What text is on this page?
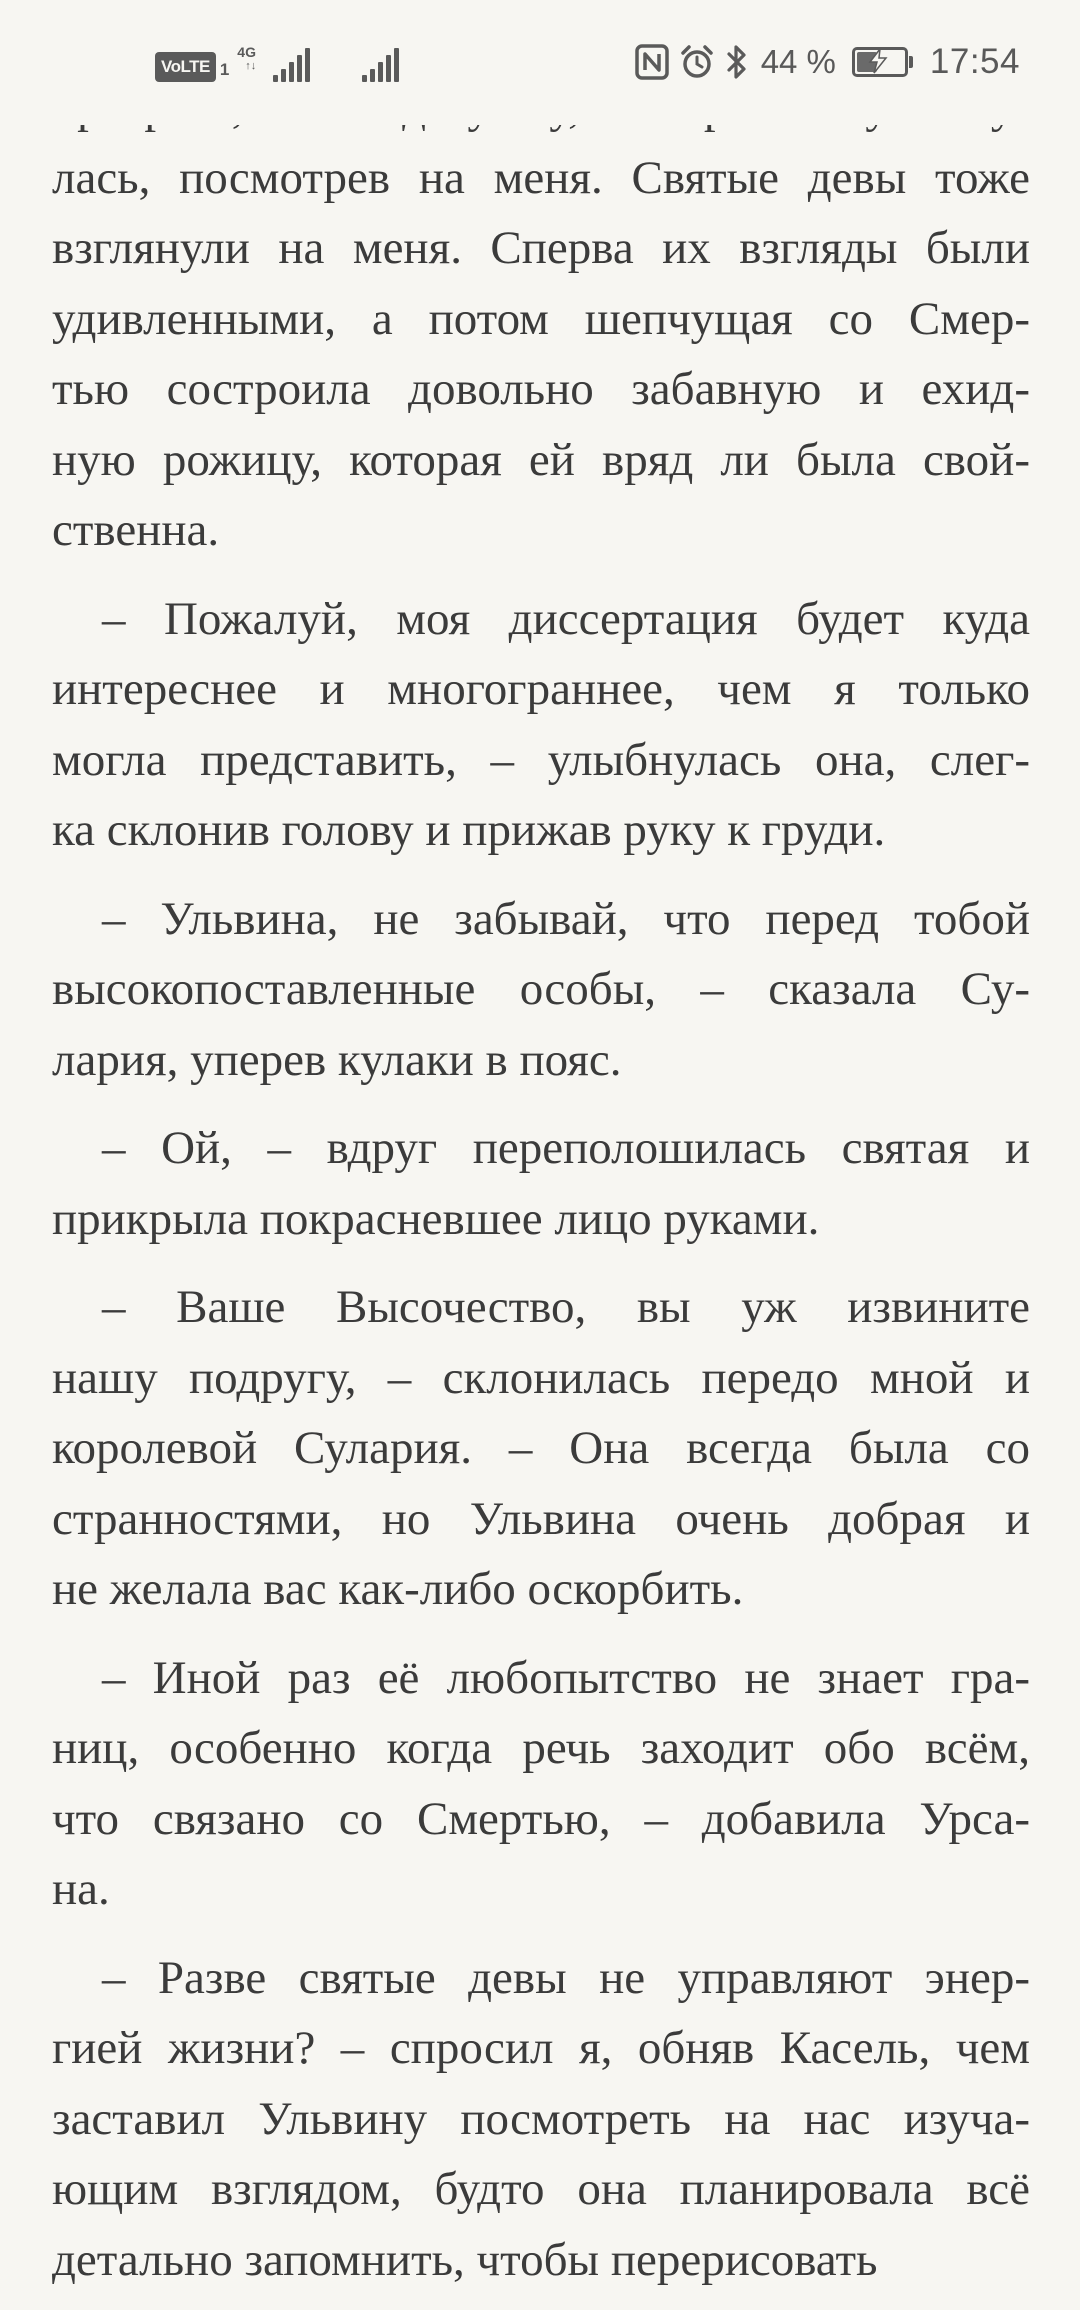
VoLTE 1
4G
↑↓	44 %	17:54
лась, посмотрев на меня. Святые девы тоже
взглянули на меня. Сперва их взгляды были
удивленными, а потом шепчущая со Смер-
тью состроила довольно забавную и ехид-
ную рожицу, которая ей вряд ли была свой-
ственна.
– Пожалуй, моя диссертация будет куда
интереснее и многограннее, чем я только
могла представить, – улыбнулась она, слег-
ка склонив голову и прижав руку к груди.
– Ульвина, не забывай, что перед тобой
высокопоставленные особы, – сказала Су-
лария, уперев кулаки в пояс.
– Ой, – вдруг переполошилась святая и
прикрыла покрасневшее лицо руками.
– Ваше Высочество, вы уж извините
нашу подругу, – склонилась передо мной и
королевой Сулария. – Она всегда была со
странностями, но Ульвина очень добрая и
не желала вас как-либо оскорбить.
– Иной раз её любопытство не знает гра-
ниц, особенно когда речь заходит обо всём,
что связано со Смертью, – добавила Урса-
на.
– Разве святые девы не управляют энер-
гией жизни? – спросил я, обняв Касель, чем
заставил Ульвину посмотреть на нас изуча-
ющим взглядом, будто она планировала всё
детально запомнить, чтобы перерисовать
